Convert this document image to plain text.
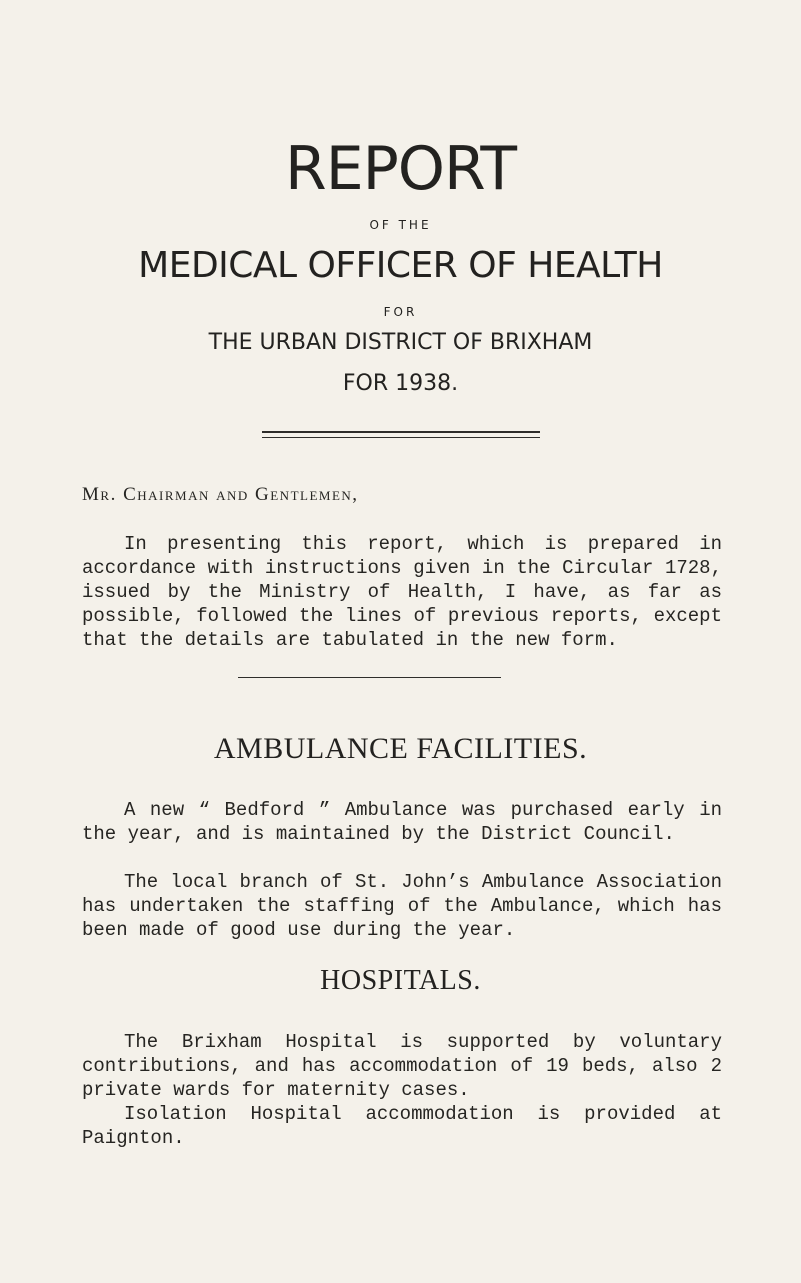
REPORT
OF THE
MEDICAL OFFICER OF HEALTH
FOR
THE URBAN DISTRICT OF BRIXHAM
FOR 1938.

Mr. Chairman and Gentlemen,

In presenting this report, which is prepared in accordance with instructions given in the Circular 1728, issued by the Ministry of Health, I have, as far as possible, followed the lines of previous reports, except that the details are tabulated in the new form.

AMBULANCE FACILITIES.

A new “ Bedford ” Ambulance was purchased early in the year, and is maintained by the District Council.

The local branch of St. John’s Ambulance Association has undertaken the staffing of the Ambulance, which has been made of good use during the year.

HOSPITALS.

The Brixham Hospital is supported by voluntary contributions, and has accommodation of 19 beds, also 2 private wards for maternity cases.

Isolation Hospital accommodation is provided at Paignton.
